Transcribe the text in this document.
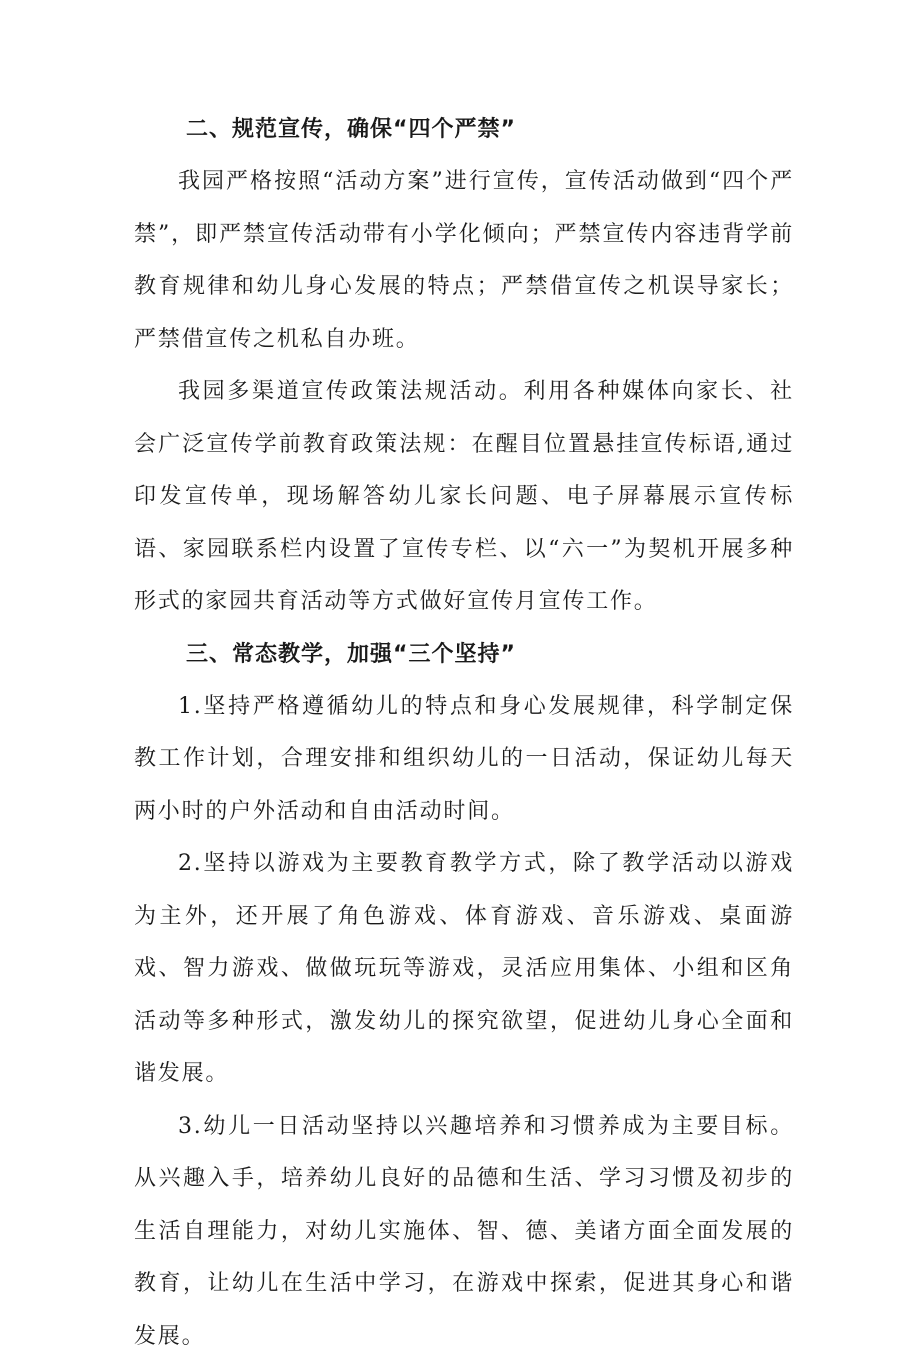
二、规范宣传，确保“四个严禁”

我园严格按照“活动方案”进行宣传，宣传活动做到“四个严禁”，即严禁宣传活动带有小学化倾向；严禁宣传内容违背学前教育规律和幼儿身心发展的特点；严禁借宣传之机误导家长；严禁借宣传之机私自办班。

我园多渠道宣传政策法规活动。利用各种媒体向家长、社会广泛宣传学前教育政策法规：在醒目位置悬挂宣传标语,通过印发宣传单，现场解答幼儿家长问题、电子屏幕展示宣传标语、家园联系栏内设置了宣传专栏、以“六一”为契机开展多种形式的家园共育活动等方式做好宣传月宣传工作。

三、常态教学，加强“三个坚持”

1.坚持严格遵循幼儿的特点和身心发展规律，科学制定保教工作计划，合理安排和组织幼儿的一日活动，保证幼儿每天两小时的户外活动和自由活动时间。

2.坚持以游戏为主要教育教学方式，除了教学活动以游戏为主外，还开展了角色游戏、体育游戏、音乐游戏、桌面游戏、智力游戏、做做玩玩等游戏，灵活应用集体、小组和区角活动等多种形式，激发幼儿的探究欲望，促进幼儿身心全面和谐发展。

3.幼儿一日活动坚持以兴趣培养和习惯养成为主要目标。从兴趣入手，培养幼儿良好的品德和生活、学习习惯及初步的生活自理能力，对幼儿实施体、智、德、美诸方面全面发展的教育，让幼儿在生活中学习，在游戏中探索，促进其身心和谐发展。
